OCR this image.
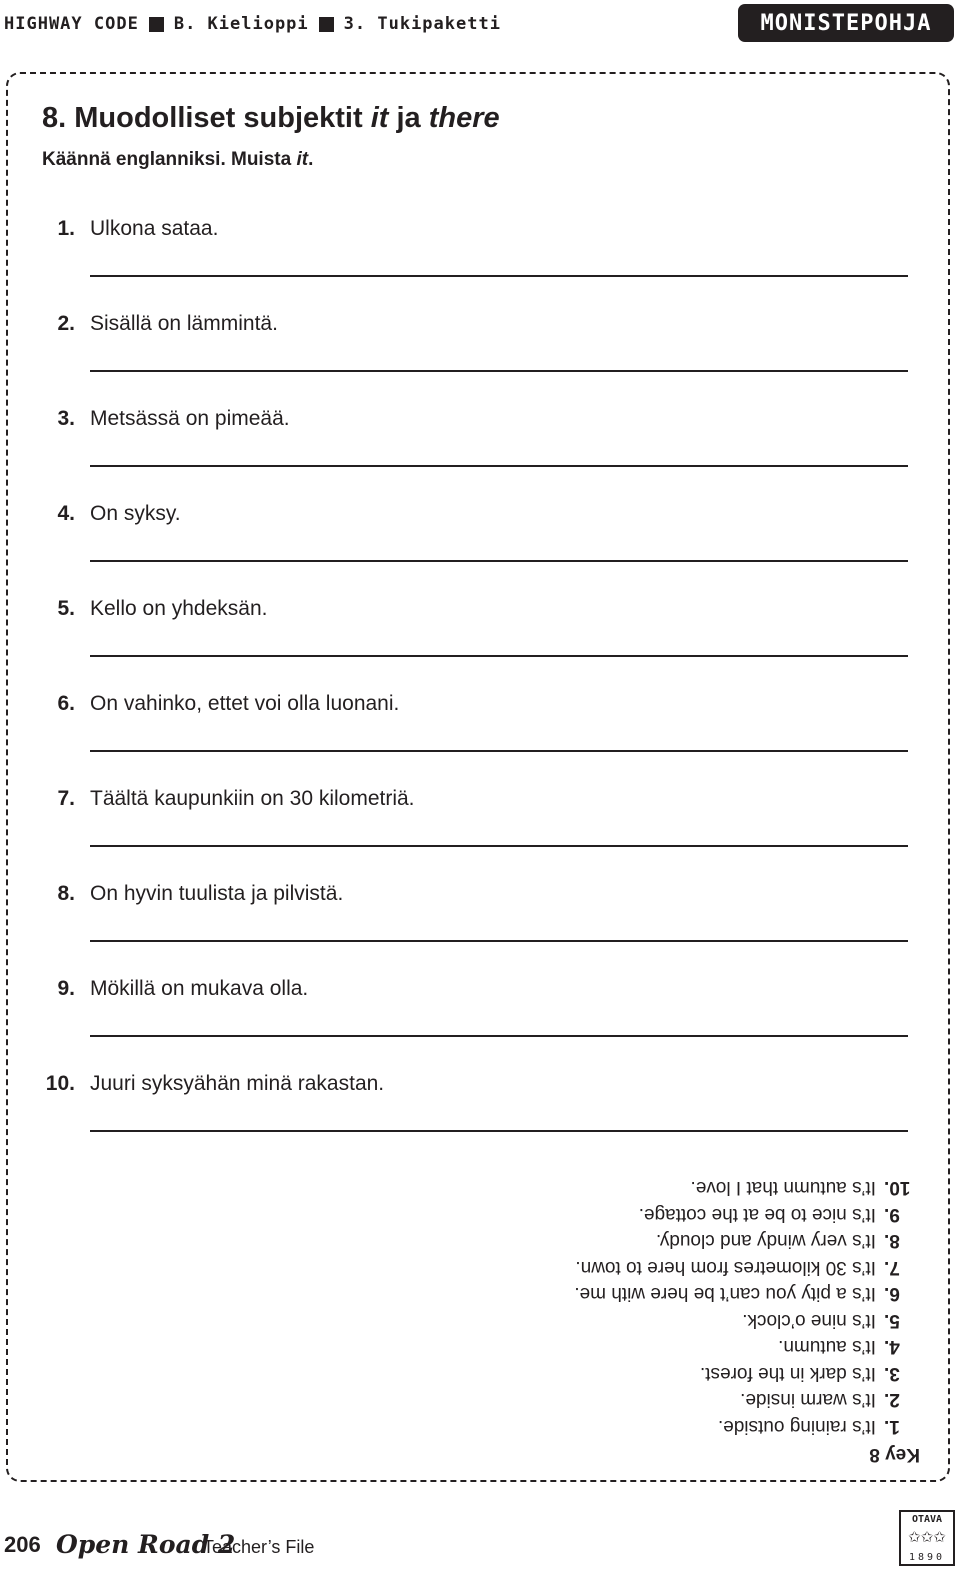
HIGHWAY CODE B. Kielioppi 3. Tukipaketti	MONISTEPOHJA
8. Muodolliset subjektit it ja there

Käännä englanniksi. Muista it.

1. Ulkona sataa.
2. Sisällä on lämmintä.
3. Metsässä on pimeää.
4. On syksy.
5. Kello on yhdeksän.
6. On vahinko, ettet voi olla luonani.
7. Täältä kaupunkiin on 30 kilometriä.
8. On hyvin tuulista ja pilvistä.
9. Mökillä on mukava olla.
10. Juuri syksyähän minä rakastan.
Key 8
1.It’s raining outside.
2.It’s warm inside.
3.It’s dark in the forest.
4.It’s autumn.
5.It’s nine o’clock.
6.It’s a pity you can’t be here with me.
7.It’s 30 kilometres from here to town.
8.It’s very windy and cloudy.
9.It’s nice to be at the cottage.
10.It’s autumn that I love.
206 Open Road 2
Teacher’s File
OTAVA
✩✩✩
1890
